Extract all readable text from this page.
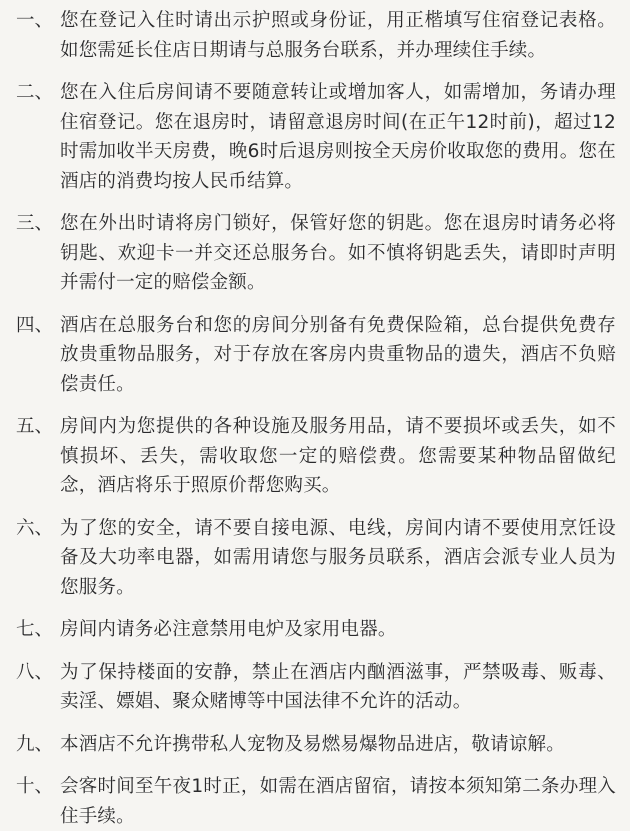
一、 您在登记入住时请出示护照或身份证，用正楷填写住宿登记表格。如您需延长住店日期请与总服务台联系，并办理续住手续。
二、 您在入住后房间请不要随意转让或增加客人，如需增加，务请办理住宿登记。您在退房时，请留意退房时间(在正午12时前)，超过12时需加收半天房费，晚6时后退房则按全天房价收取您的费用。您在酒店的消费均按人民币结算。
三、 您在外出时请将房门锁好，保管好您的钥匙。您在退房时请务必将钥匙、欢迎卡一并交还总服务台。如不慎将钥匙丢失，请即时声明并需付一定的赔偿金额。
四、 酒店在总服务台和您的房间分别备有免费保险箱，总台提供免费存放贵重物品服务，对于存放在客房内贵重物品的遗失，酒店不负赔偿责任。
五、 房间内为您提供的各种设施及服务用品，请不要损坏或丢失，如不慎损坏、丢失，需收取您一定的赔偿费。您需要某种物品留做纪念，酒店将乐于照原价帮您购买。
六、 为了您的安全，请不要自接电源、电线，房间内请不要使用烹饪设备及大功率电器，如需用请您与服务员联系，酒店会派专业人员为您服务。
七、 房间内请务必注意禁用电炉及家用电器。
八、 为了保持楼面的安静，禁止在酒店内酗酒滋事，严禁吸毒、贩毒、卖淫、嫖娼、聚众赌博等中国法律不允许的活动。
九、 本酒店不允许携带私人宠物及易燃易爆物品进店，敬请谅解。
十、 会客时间至午夜1时正，如需在酒店留宿，请按本须知第二条办理入住手续。
